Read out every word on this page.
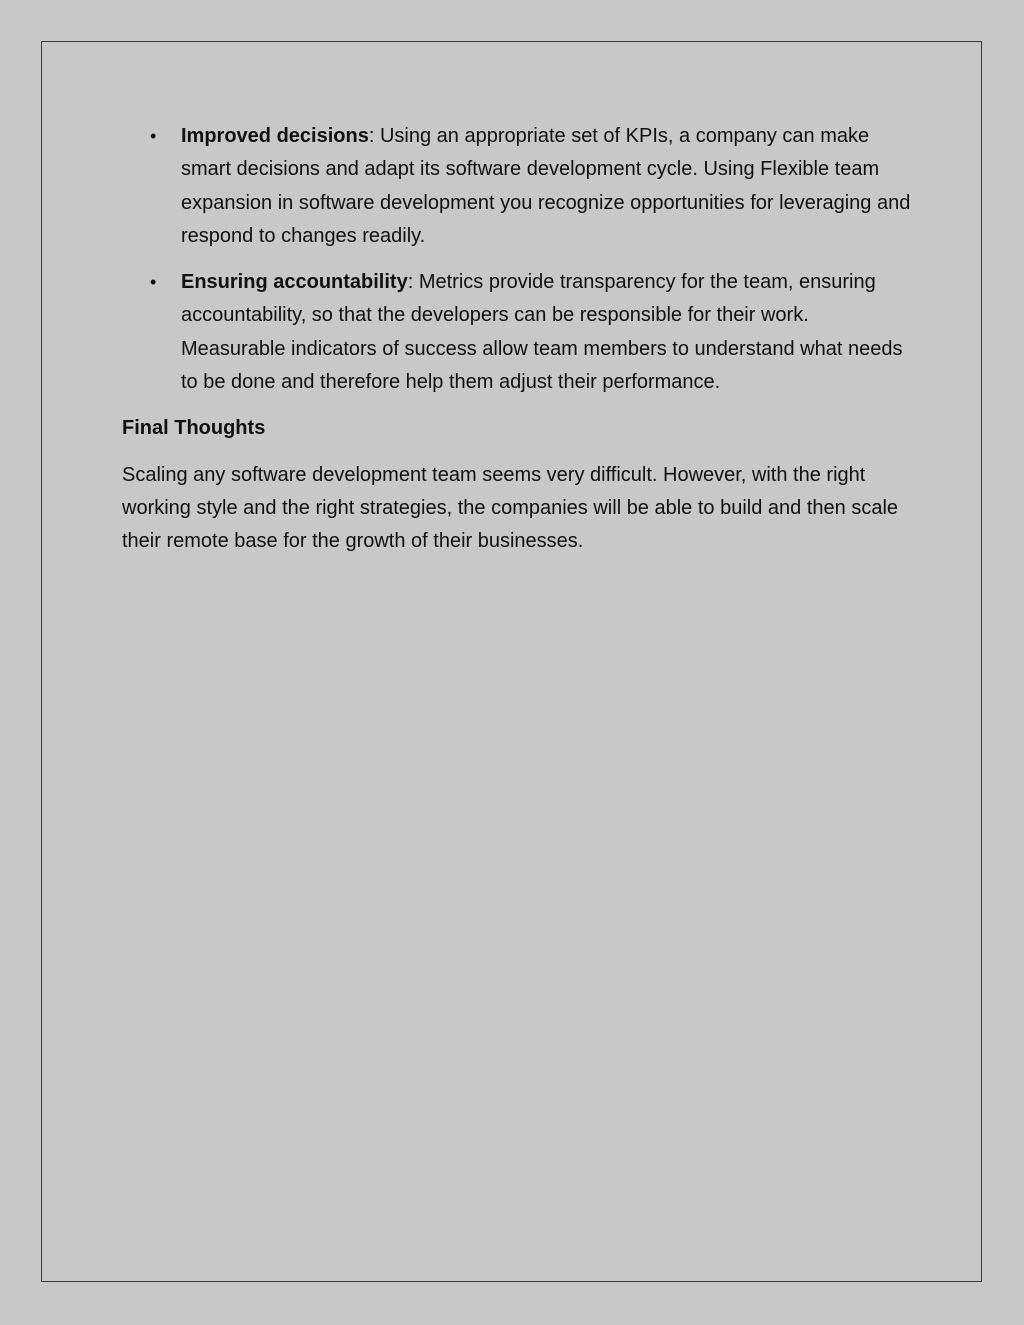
• Improved decisions: Using an appropriate set of KPIs, a company can make smart decisions and adapt its software development cycle. Using Flexible team expansion in software development you recognize opportunities for leveraging and respond to changes readily.
• Ensuring accountability: Metrics provide transparency for the team, ensuring accountability, so that the developers can be responsible for their work. Measurable indicators of success allow team members to understand what needs to be done and therefore help them adjust their performance.
Final Thoughts

Scaling any software development team seems very difficult. However, with the right working style and the right strategies, the companies will be able to build and then scale their remote base for the growth of their businesses.
